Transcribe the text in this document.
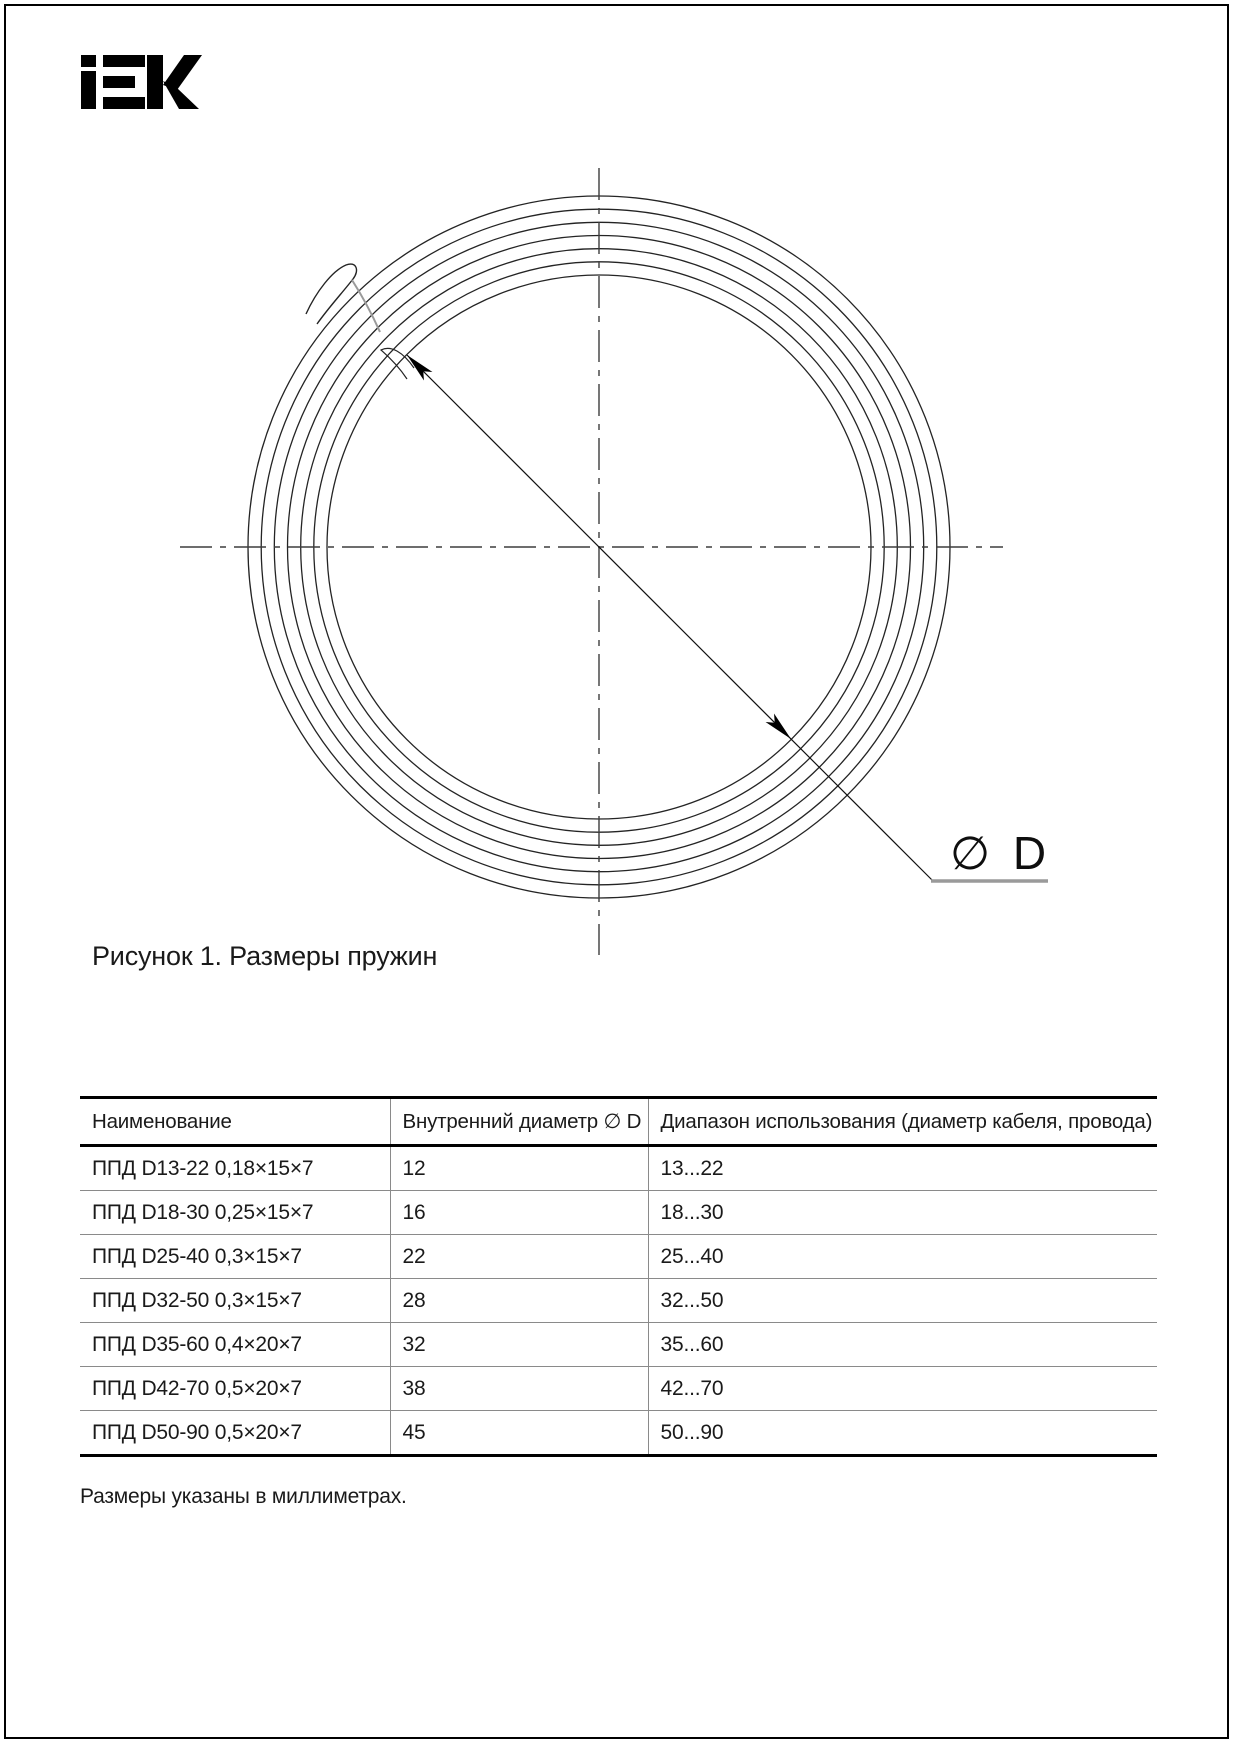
∅ D
Рисунок 1. Размеры пружин
Наименование	Внутренний диаметр ∅ D	Диапазон использования (диаметр кабеля, провода)
ППД D13-22 0,18×15×7	12	13...22
ППД D18-30 0,25×15×7	16	18...30
ППД D25-40 0,3×15×7	22	25...40
ППД D32-50 0,3×15×7	28	32...50
ППД D35-60 0,4×20×7	32	35...60
ППД D42-70 0,5×20×7	38	42...70
ППД D50-90 0,5×20×7	45	50...90
Размеры указаны в миллиметрах.
